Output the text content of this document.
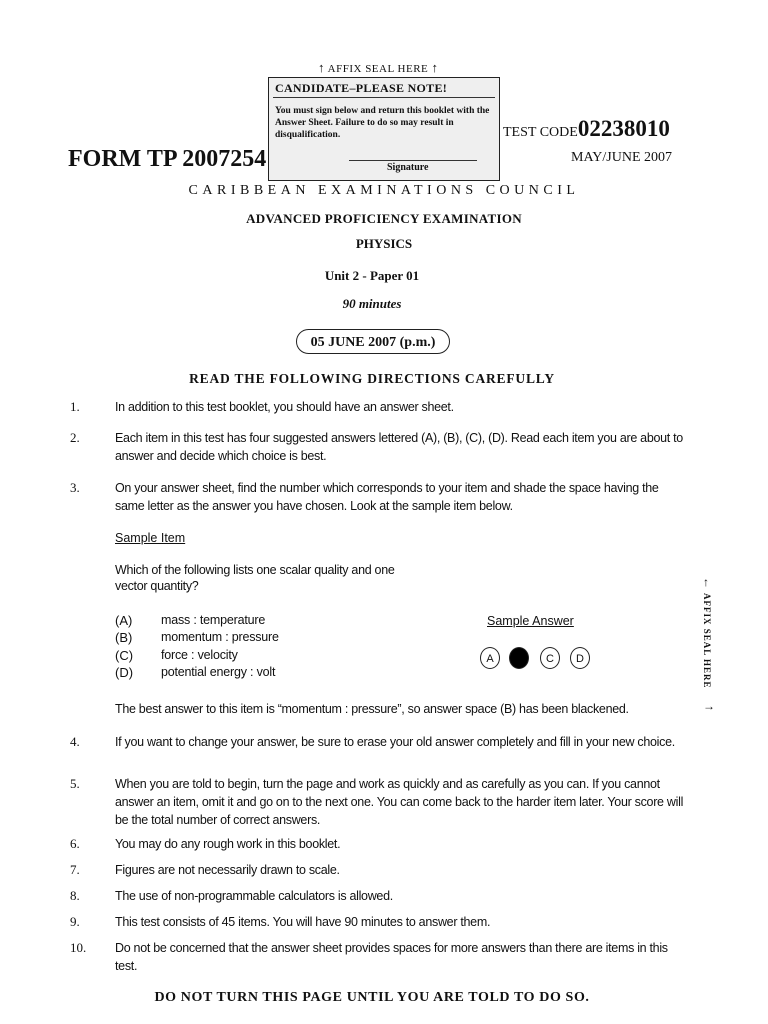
↑ AFFIX SEAL HERE ↑
CANDIDATE–PLEASE NOTE!
You must sign below and return this booklet with the Answer Sheet. Failure to do so may result in disqualification.
Signature
TEST CODE02238010
FORM TP 2007254	MAY/JUNE 2007
CARIBBEAN EXAMINATIONS COUNCIL
ADVANCED PROFICIENCY EXAMINATION
PHYSICS
Unit 2 - Paper 01
90 minutes
05 JUNE 2007 (p.m.)
READ THE FOLLOWING DIRECTIONS CAREFULLY
1.	In addition to this test booklet, you should have an answer sheet.
2.	Each item in this test has four suggested answers lettered (A), (B), (C), (D). Read each item you are about to answer and decide which choice is best.
3.	On your answer sheet, find the number which corresponds to your item and shade the space having the same letter as the answer you have chosen. Look at the sample item below.
Sample Item
Which of the following lists one scalar quality and one vector quantity?
(A) mass : temperature
(B) momentum : pressure
(C) force : velocity
(D) potential energy : volt
Sample Answer
A	C	D
The best answer to this item is “momentum : pressure”, so answer space (B) has been blackened.
↑
AFFIX SEAL HERE
→
4.	If you want to change your answer, be sure to erase your old answer completely and fill in your new choice.
5.	When you are told to begin, turn the page and work as quickly and as carefully as you can. If you cannot answer an item, omit it and go on to the next one. You can come back to the harder item later. Your score will be the total number of correct answers.
6.	You may do any rough work in this booklet.
7.	Figures are not necessarily drawn to scale.
8.	The use of non-programmable calculators is allowed.
9.	This test consists of 45 items. You will have 90 minutes to answer them.
10. Do not be concerned that the answer sheet provides spaces for more answers than there are items in this test.
DO NOT TURN THIS PAGE UNTIL YOU ARE TOLD TO DO SO.
